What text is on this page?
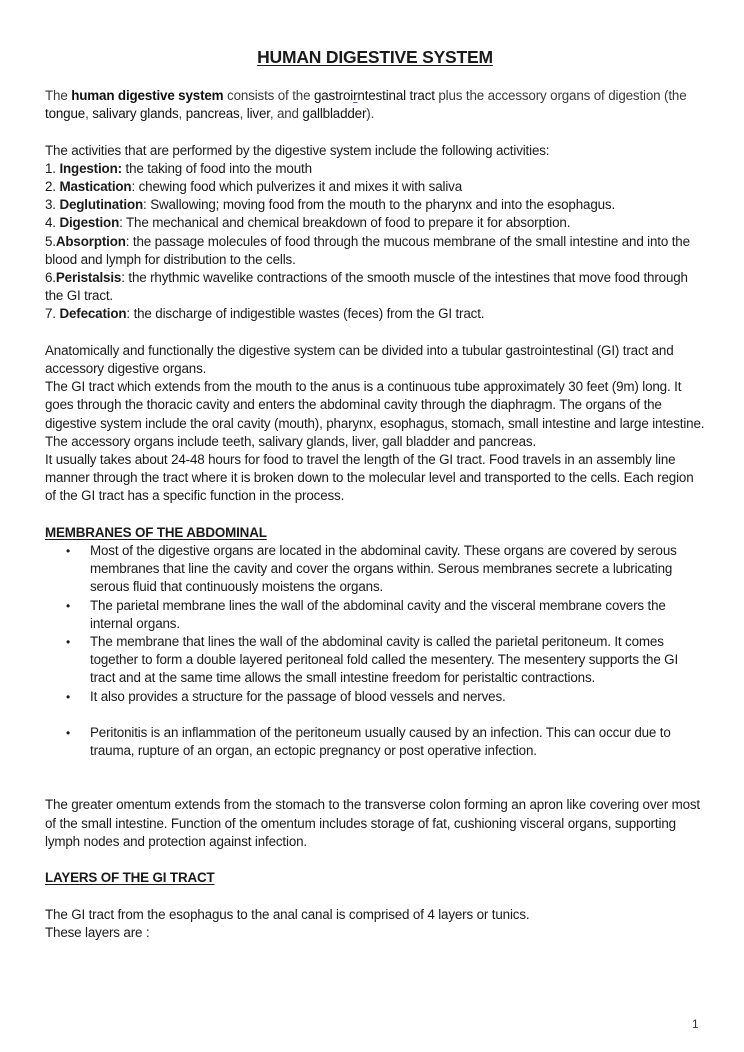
HUMAN DIGESTIVE SYSTEM

The human digestive system consists of the gastroirntestinal tract plus the accessory organs of digestion (the tongue, salivary glands, pancreas, liver, and gallbladder).

The activities that are performed by the digestive system include the following activities:

1. Ingestion: the taking of food into the mouth

2. Mastication: chewing food which pulverizes it and mixes it with saliva

3. Deglutination: Swallowing; moving food from the mouth to the pharynx and into the esophagus.

4. Digestion: The mechanical and chemical breakdown of food to prepare it for absorption.

5.Absorption: the passage molecules of food through the mucous membrane of the small intestine and into the blood and lymph for distribution to the cells.

6.Peristalsis: the rhythmic wavelike contractions of the smooth muscle of the intestines that move food through the GI tract.

7. Defecation: the discharge of indigestible wastes (feces) from the GI tract.

Anatomically and functionally the digestive system can be divided into a tubular gastrointestinal (GI) tract and accessory digestive organs.

The GI tract which extends from the mouth to the anus is a continuous tube approximately 30 feet (9m) long. It goes through the thoracic cavity and enters the abdominal cavity through the diaphragm. The organs of the digestive system include the oral cavity (mouth), pharynx, esophagus, stomach, small intestine and large intestine.

The accessory organs include teeth, salivary glands, liver, gall bladder and pancreas.

It usually takes about 24-48 hours for food to travel the length of the GI tract. Food travels in an assembly line manner through the tract where it is broken down to the molecular level and transported to the cells. Each region of the GI tract has a specific function in the process.

MEMBRANES OF THE ABDOMINAL

• Most of the digestive organs are located in the abdominal cavity. These organs are covered by serous membranes that line the cavity and cover the organs within. Serous membranes secrete a lubricating serous fluid that continuously moistens the organs.
• The parietal membrane lines the wall of the abdominal cavity and the visceral membrane covers the internal organs.
• The membrane that lines the wall of the abdominal cavity is called the parietal peritoneum. It comes together to form a double layered peritoneal fold called the mesentery. The mesentery supports the GI tract and at the same time allows the small intestine freedom for peristaltic contractions.
• It also provides a structure for the passage of blood vessels and nerves.
• Peritonitis is an inflammation of the peritoneum usually caused by an infection. This can occur due to trauma, rupture of an organ, an ectopic pregnancy or post operative infection.

The greater omentum extends from the stomach to the transverse colon forming an apron like covering over most of the small intestine. Function of the omentum includes storage of fat, cushioning visceral organs, supporting lymph nodes and protection against infection.

LAYERS OF THE GI TRACT

The GI tract from the esophagus to the anal canal is comprised of 4 layers or tunics.

These layers are :

1
